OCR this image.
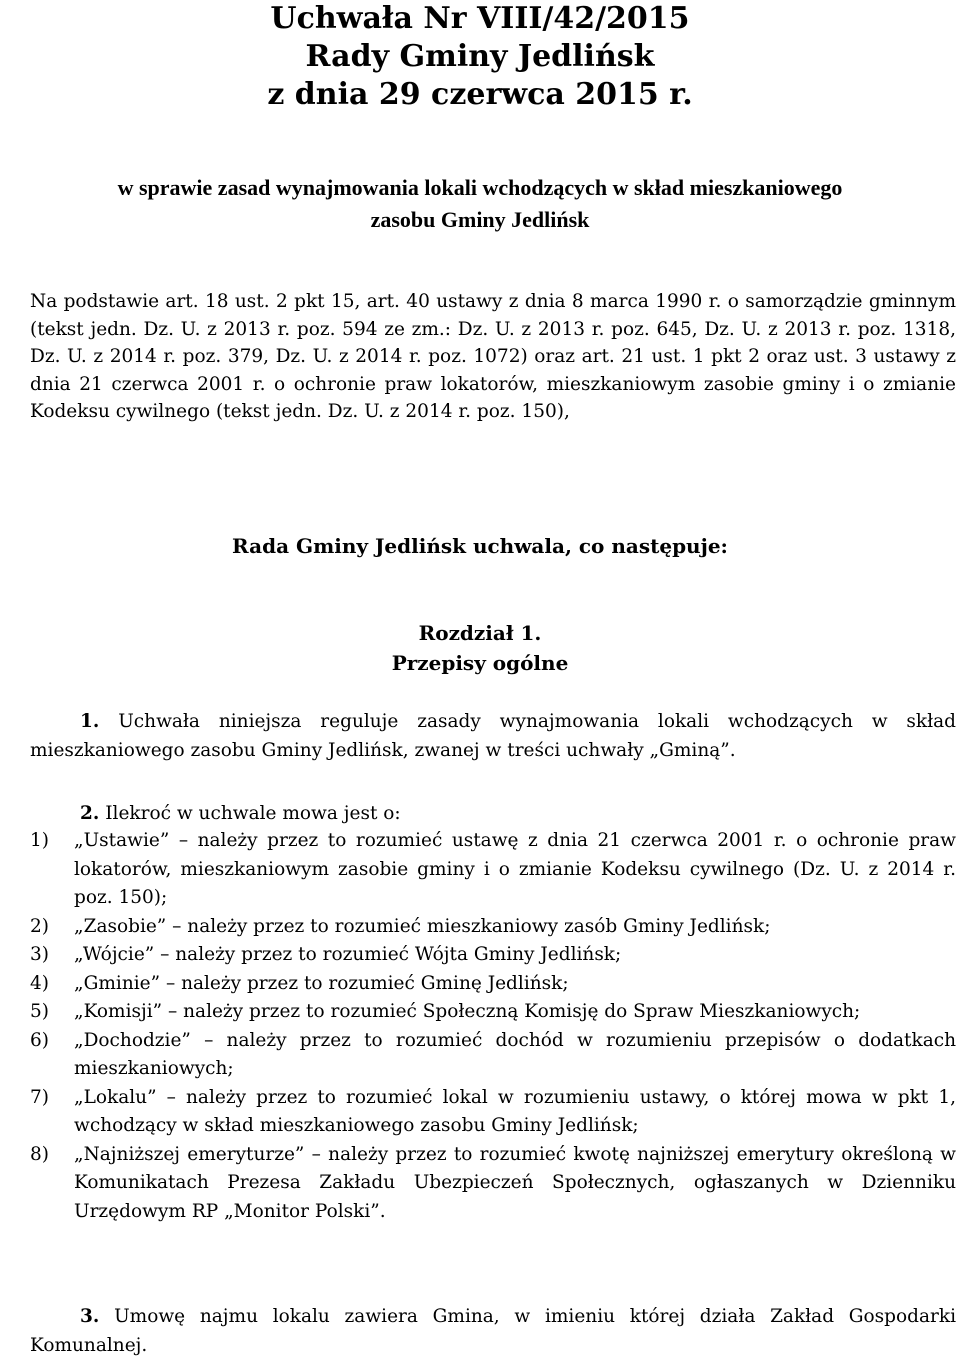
Uchwała Nr VIII/42/2015
Rady Gminy Jedlińsk
z dnia 29 czerwca 2015 r.
w sprawie zasad wynajmowania lokali wchodzących w skład mieszkaniowego
zasobu Gminy Jedlińsk
Na podstawie art. 18 ust. 2 pkt 15, art. 40 ustawy z dnia 8 marca 1990 r. o samorządzie gminnym (tekst jedn. Dz. U. z 2013 r. poz. 594 ze zm.: Dz. U. z 2013 r. poz. 645, Dz. U. z 2013 r. poz. 1318, Dz. U. z 2014 r. poz. 379, Dz. U. z 2014 r. poz. 1072) oraz art. 21 ust. 1 pkt 2 oraz ust. 3 ustawy z dnia 21 czerwca 2001 r. o ochronie praw lokatorów, mieszkaniowym zasobie gminy i o zmianie Kodeksu cywilnego (tekst jedn. Dz. U. z 2014 r. poz. 150),
Rada Gminy Jedlińsk uchwala, co następuje:
Rozdział 1.
Przepisy ogólne
1. Uchwała niniejsza reguluje zasady wynajmowania lokali wchodzących w skład mieszkaniowego zasobu Gminy Jedlińsk, zwanej w treści uchwały „Gminą”.
2. Ilekroć w uchwale mowa jest o:
1)	„Ustawie” – należy przez to rozumieć ustawę z dnia 21 czerwca 2001 r. o ochronie praw lokatorów, mieszkaniowym zasobie gminy i o zmianie Kodeksu cywilnego (Dz. U. z 2014 r. poz. 150);
2)	„Zasobie” – należy przez to rozumieć mieszkaniowy zasób Gminy Jedlińsk;
3)	„Wójcie” – należy przez to rozumieć Wójta Gminy Jedlińsk;
4)	„Gminie” – należy przez to rozumieć Gminę Jedlińsk;
5)	„Komisji” – należy przez to rozumieć Społeczną Komisję do Spraw Mieszkaniowych;
6)	„Dochodzie” – należy przez to rozumieć dochód w rozumieniu przepisów o dodatkach mieszkaniowych;
7)	„Lokalu” – należy przez to rozumieć lokal w rozumieniu ustawy, o której mowa w pkt 1, wchodzący w skład mieszkaniowego zasobu Gminy Jedlińsk;
8)	„Najniższej emeryturze” – należy przez to rozumieć kwotę najniższej emerytury określoną w Komunikatach Prezesa Zakładu Ubezpieczeń Społecznych, ogłaszanych w Dzienniku Urzędowym RP „Monitor Polski”.
3. Umowę najmu lokalu zawiera Gmina, w imieniu której działa Zakład Gospodarki Komunalnej.
